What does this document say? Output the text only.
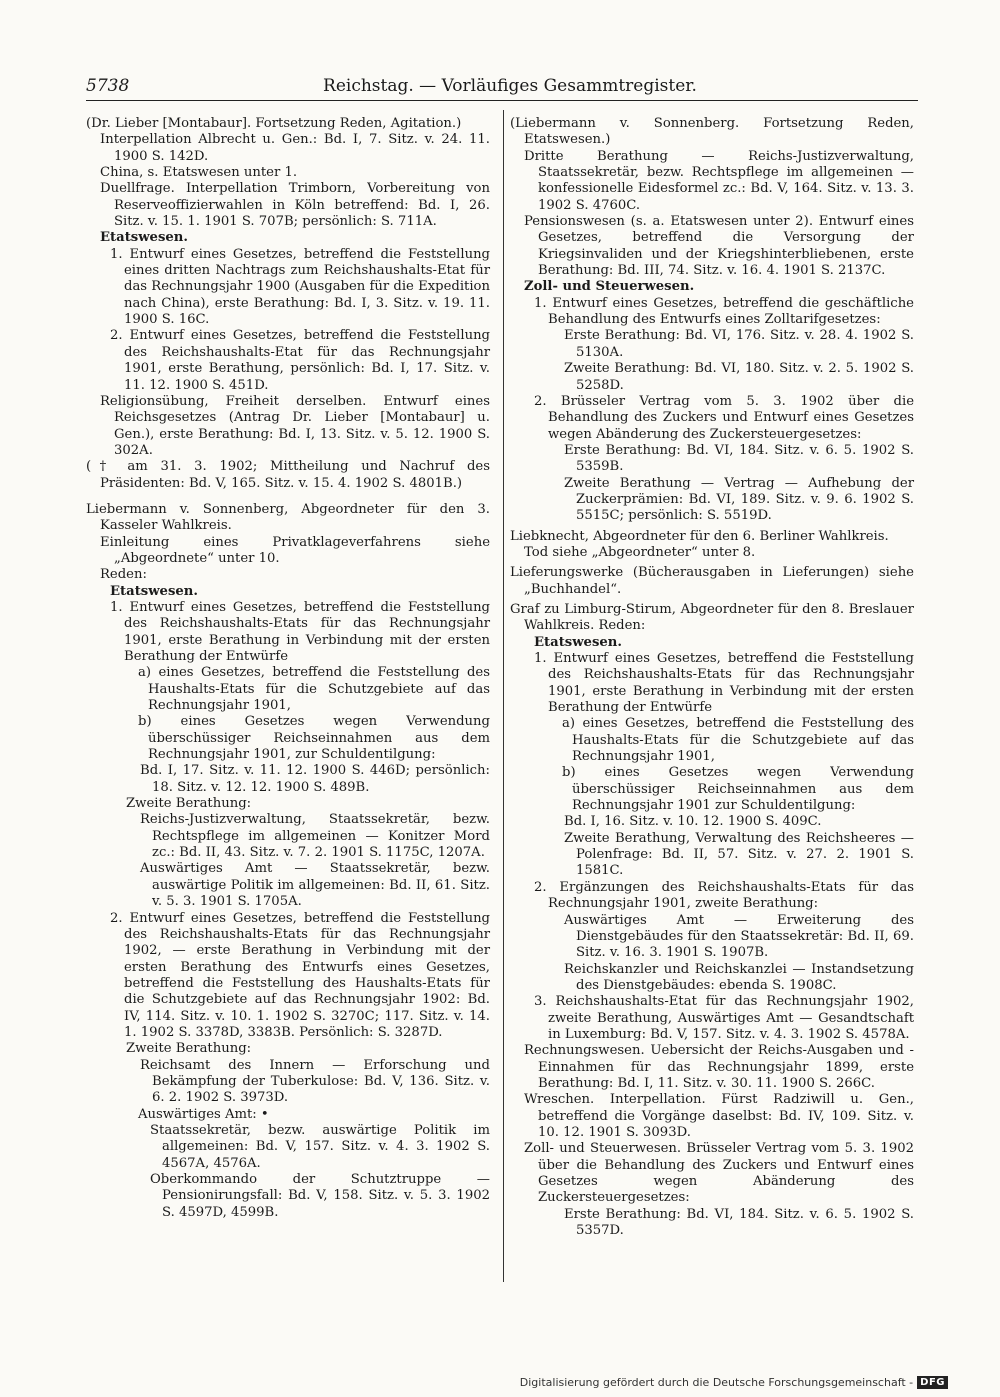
5738	Reichstag. — Vorläufiges Gesammtregister.

(Dr. Lieber [Montabaur]. Fortsetzung Reden, Agitation.)

Interpellation Albrecht u. Gen.: Bd. I, 7. Sitz. v. 24. 11. 1900 S. 142D.

China, s. Etatswesen unter 1.

Duellfrage. Interpellation Trimborn, Vorbereitung von Reserveoffizierwahlen in Köln betreffend: Bd. I, 26. Sitz. v. 15. 1. 1901 S. 707B; persönlich: S. 711A.

Etatswesen.

1. Entwurf eines Gesetzes, betreffend die Feststellung eines dritten Nachtrags zum Reichshaushalts-Etat für das Rechnungsjahr 1900 (Ausgaben für die Expedition nach China), erste Berathung: Bd. I, 3. Sitz. v. 19. 11. 1900 S. 16C.

2. Entwurf eines Gesetzes, betreffend die Feststellung des Reichshaushalts-Etat für das Rechnungsjahr 1901, erste Berathung, persönlich: Bd. I, 17. Sitz. v. 11. 12. 1900 S. 451D.

Religionsübung, Freiheit derselben. Entwurf eines Reichsgesetzes (Antrag Dr. Lieber [Montabaur] u. Gen.), erste Berathung: Bd. I, 13. Sitz. v. 5. 12. 1900 S. 302A.

(† am 31. 3. 1902; Mittheilung und Nachruf des Präsidenten: Bd. V, 165. Sitz. v. 15. 4. 1902 S. 4801B.)

Liebermann v. Sonnenberg, Abgeordneter für den 3. Kasseler Wahlkreis.

Einleitung eines Privatklageverfahrens siehe „Abgeordnete“ unter 10.

Reden:

Etatswesen.

1. Entwurf eines Gesetzes, betreffend die Feststellung des Reichshaushalts-Etats für das Rechnungsjahr 1901, erste Berathung in Verbindung mit der ersten Berathung der Entwürfe

a) eines Gesetzes, betreffend die Feststellung des Haushalts-Etats für die Schutzgebiete auf das Rechnungsjahr 1901,

b) eines Gesetzes wegen Verwendung überschüssiger Reichseinnahmen aus dem Rechnungsjahr 1901, zur Schuldentilgung:

Bd. I, 17. Sitz. v. 11. 12. 1900 S. 446D; persönlich: 18. Sitz. v. 12. 12. 1900 S. 489B.

Zweite Berathung:

Reichs-Justizverwaltung, Staatssekretär, bezw. Rechtspflege im allgemeinen — Konitzer Mord zc.: Bd. II, 43. Sitz. v. 7. 2. 1901 S. 1175C, 1207A.

Auswärtiges Amt — Staatssekretär, bezw. auswärtige Politik im allgemeinen: Bd. II, 61. Sitz. v. 5. 3. 1901 S. 1705A.

2. Entwurf eines Gesetzes, betreffend die Feststellung des Reichshaushalts-Etats für das Rechnungsjahr 1902, — erste Berathung in Verbindung mit der ersten Berathung des Entwurfs eines Gesetzes, betreffend die Feststellung des Haushalts-Etats für die Schutzgebiete auf das Rechnungsjahr 1902: Bd. IV, 114. Sitz. v. 10. 1. 1902 S. 3270C; 117. Sitz. v. 14. 1. 1902 S. 3378D, 3383B. Persönlich: S. 3287D.

Zweite Berathung:

Reichsamt des Innern — Erforschung und Bekämpfung der Tuberkulose: Bd. V, 136. Sitz. v. 6. 2. 1902 S. 3973D.

Auswärtiges Amt: •

Staatssekretär, bezw. auswärtige Politik im allgemeinen: Bd. V, 157. Sitz. v. 4. 3. 1902 S. 4567A, 4576A.

Oberkommando der Schutztruppe — Pensionirungsfall: Bd. V, 158. Sitz. v. 5. 3. 1902 S. 4597D, 4599B.

(Liebermann v. Sonnenberg. Fortsetzung Reden, Etatswesen.)

Dritte Berathung — Reichs-Justizverwaltung, Staatssekretär, bezw. Rechtspflege im allgemeinen — konfessionelle Eidesformel zc.: Bd. V, 164. Sitz. v. 13. 3. 1902 S. 4760C.

Pensionswesen (s. a. Etatswesen unter 2). Entwurf eines Gesetzes, betreffend die Versorgung der Kriegsinvaliden und der Kriegshinterbliebenen, erste Berathung: Bd. III, 74. Sitz. v. 16. 4. 1901 S. 2137C.

Zoll- und Steuerwesen.

1. Entwurf eines Gesetzes, betreffend die geschäftliche Behandlung des Entwurfs eines Zolltarifgesetzes:

Erste Berathung: Bd. VI, 176. Sitz. v. 28. 4. 1902 S. 5130A.

Zweite Berathung: Bd. VI, 180. Sitz. v. 2. 5. 1902 S. 5258D.

2. Brüsseler Vertrag vom 5. 3. 1902 über die Behandlung des Zuckers und Entwurf eines Gesetzes wegen Abänderung des Zuckersteuergesetzes:

Erste Berathung: Bd. VI, 184. Sitz. v. 6. 5. 1902 S. 5359B.

Zweite Berathung — Vertrag — Aufhebung der Zuckerprämien: Bd. VI, 189. Sitz. v. 9. 6. 1902 S. 5515C; persönlich: S. 5519D.

Liebknecht, Abgeordneter für den 6. Berliner Wahlkreis.

Tod siehe „Abgeordneter“ unter 8.

Lieferungswerke (Bücherausgaben in Lieferungen) siehe „Buchhandel“.

Graf zu Limburg-Stirum, Abgeordneter für den 8. Breslauer Wahlkreis. Reden:

Etatswesen.

1. Entwurf eines Gesetzes, betreffend die Feststellung des Reichshaushalts-Etats für das Rechnungsjahr 1901, erste Berathung in Verbindung mit der ersten Berathung der Entwürfe

a) eines Gesetzes, betreffend die Feststellung des Haushalts-Etats für die Schutzgebiete auf das Rechnungsjahr 1901,

b) eines Gesetzes wegen Verwendung überschüssiger Reichseinnahmen aus dem Rechnungsjahr 1901 zur Schuldentilgung:

Bd. I, 16. Sitz. v. 10. 12. 1900 S. 409C.

Zweite Berathung, Verwaltung des Reichsheeres — Polenfrage: Bd. II, 57. Sitz. v. 27. 2. 1901 S. 1581C.

2. Ergänzungen des Reichshaushalts-Etats für das Rechnungsjahr 1901, zweite Berathung:

Auswärtiges Amt — Erweiterung des Dienstgebäudes für den Staatssekretär: Bd. II, 69. Sitz. v. 16. 3. 1901 S. 1907B.

Reichskanzler und Reichskanzlei — Instandsetzung des Dienstgebäudes: ebenda S. 1908C.

3. Reichshaushalts-Etat für das Rechnungsjahr 1902, zweite Berathung, Auswärtiges Amt — Gesandtschaft in Luxemburg: Bd. V, 157. Sitz. v. 4. 3. 1902 S. 4578A.

Rechnungswesen. Uebersicht der Reichs-Ausgaben und -Einnahmen für das Rechnungsjahr 1899, erste Berathung: Bd. I, 11. Sitz. v. 30. 11. 1900 S. 266C.

Wreschen. Interpellation. Fürst Radziwill u. Gen., betreffend die Vorgänge daselbst: Bd. IV, 109. Sitz. v. 10. 12. 1901 S. 3093D.

Zoll- und Steuerwesen. Brüsseler Vertrag vom 5. 3. 1902 über die Behandlung des Zuckers und Entwurf eines Gesetzes wegen Abänderung des Zuckersteuergesetzes:

Erste Berathung: Bd. VI, 184. Sitz. v. 6. 5. 1902 S. 5357D.

Digitalisierung gefördert durch die Deutsche Forschungsgemeinschaft - DFG
